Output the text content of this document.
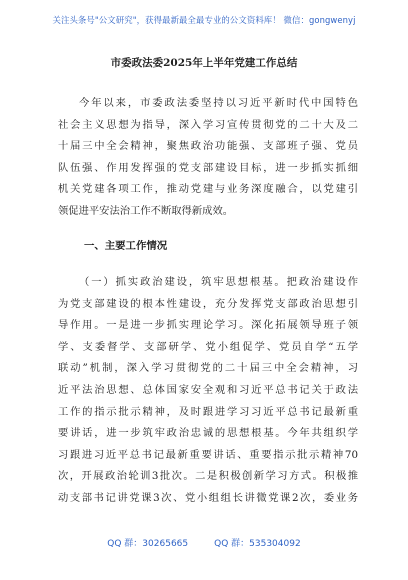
关注头条号"公文研究"，获得最新最全最专业的公文资料库！ 微信：gongwenyj
市委政法委2025年上半年党建工作总结
今年以来，市委政法委坚持以习近平新时代中国特色
社会主义思想为指导，深入学习宣传贯彻党的二十大及二
十届三中全会精神，聚焦政治功能强、支部班子强、党员
队伍强、作用发挥强的党支部建设目标，进一步抓实抓细
机关党建各项工作，推动党建与业务深度融合，以党建引
领促进平安法治工作不断取得新成效。
一、主要工作情况
（一）抓实政治建设，筑牢思想根基。把政治建设作
为党支部建设的根本性建设，充分发挥党支部政治思想引
导作用。一是进一步抓实理论学习。深化拓展领导班子领
学、支委督学、支部研学、党小组促学、党员自学“五学
联动”机制，深入学习贯彻党的二十届三中全会精神，习
近平法治思想、总体国家安全观和习近平总书记关于政法
工作的指示批示精神，及时跟进学习习近平总书记最新重
要讲话，进一步筑牢政治忠诚的思想根基。今年共组织学
习跟进习近平总书记最新重要讲话、重要指示批示精神70
次，开展政治轮训3批次。二是积极创新学习方式。积极推
动支部书记讲党课3次、党小组组长讲微党课2次，委业务
QQ 群：30265665	QQ 群：535304092
